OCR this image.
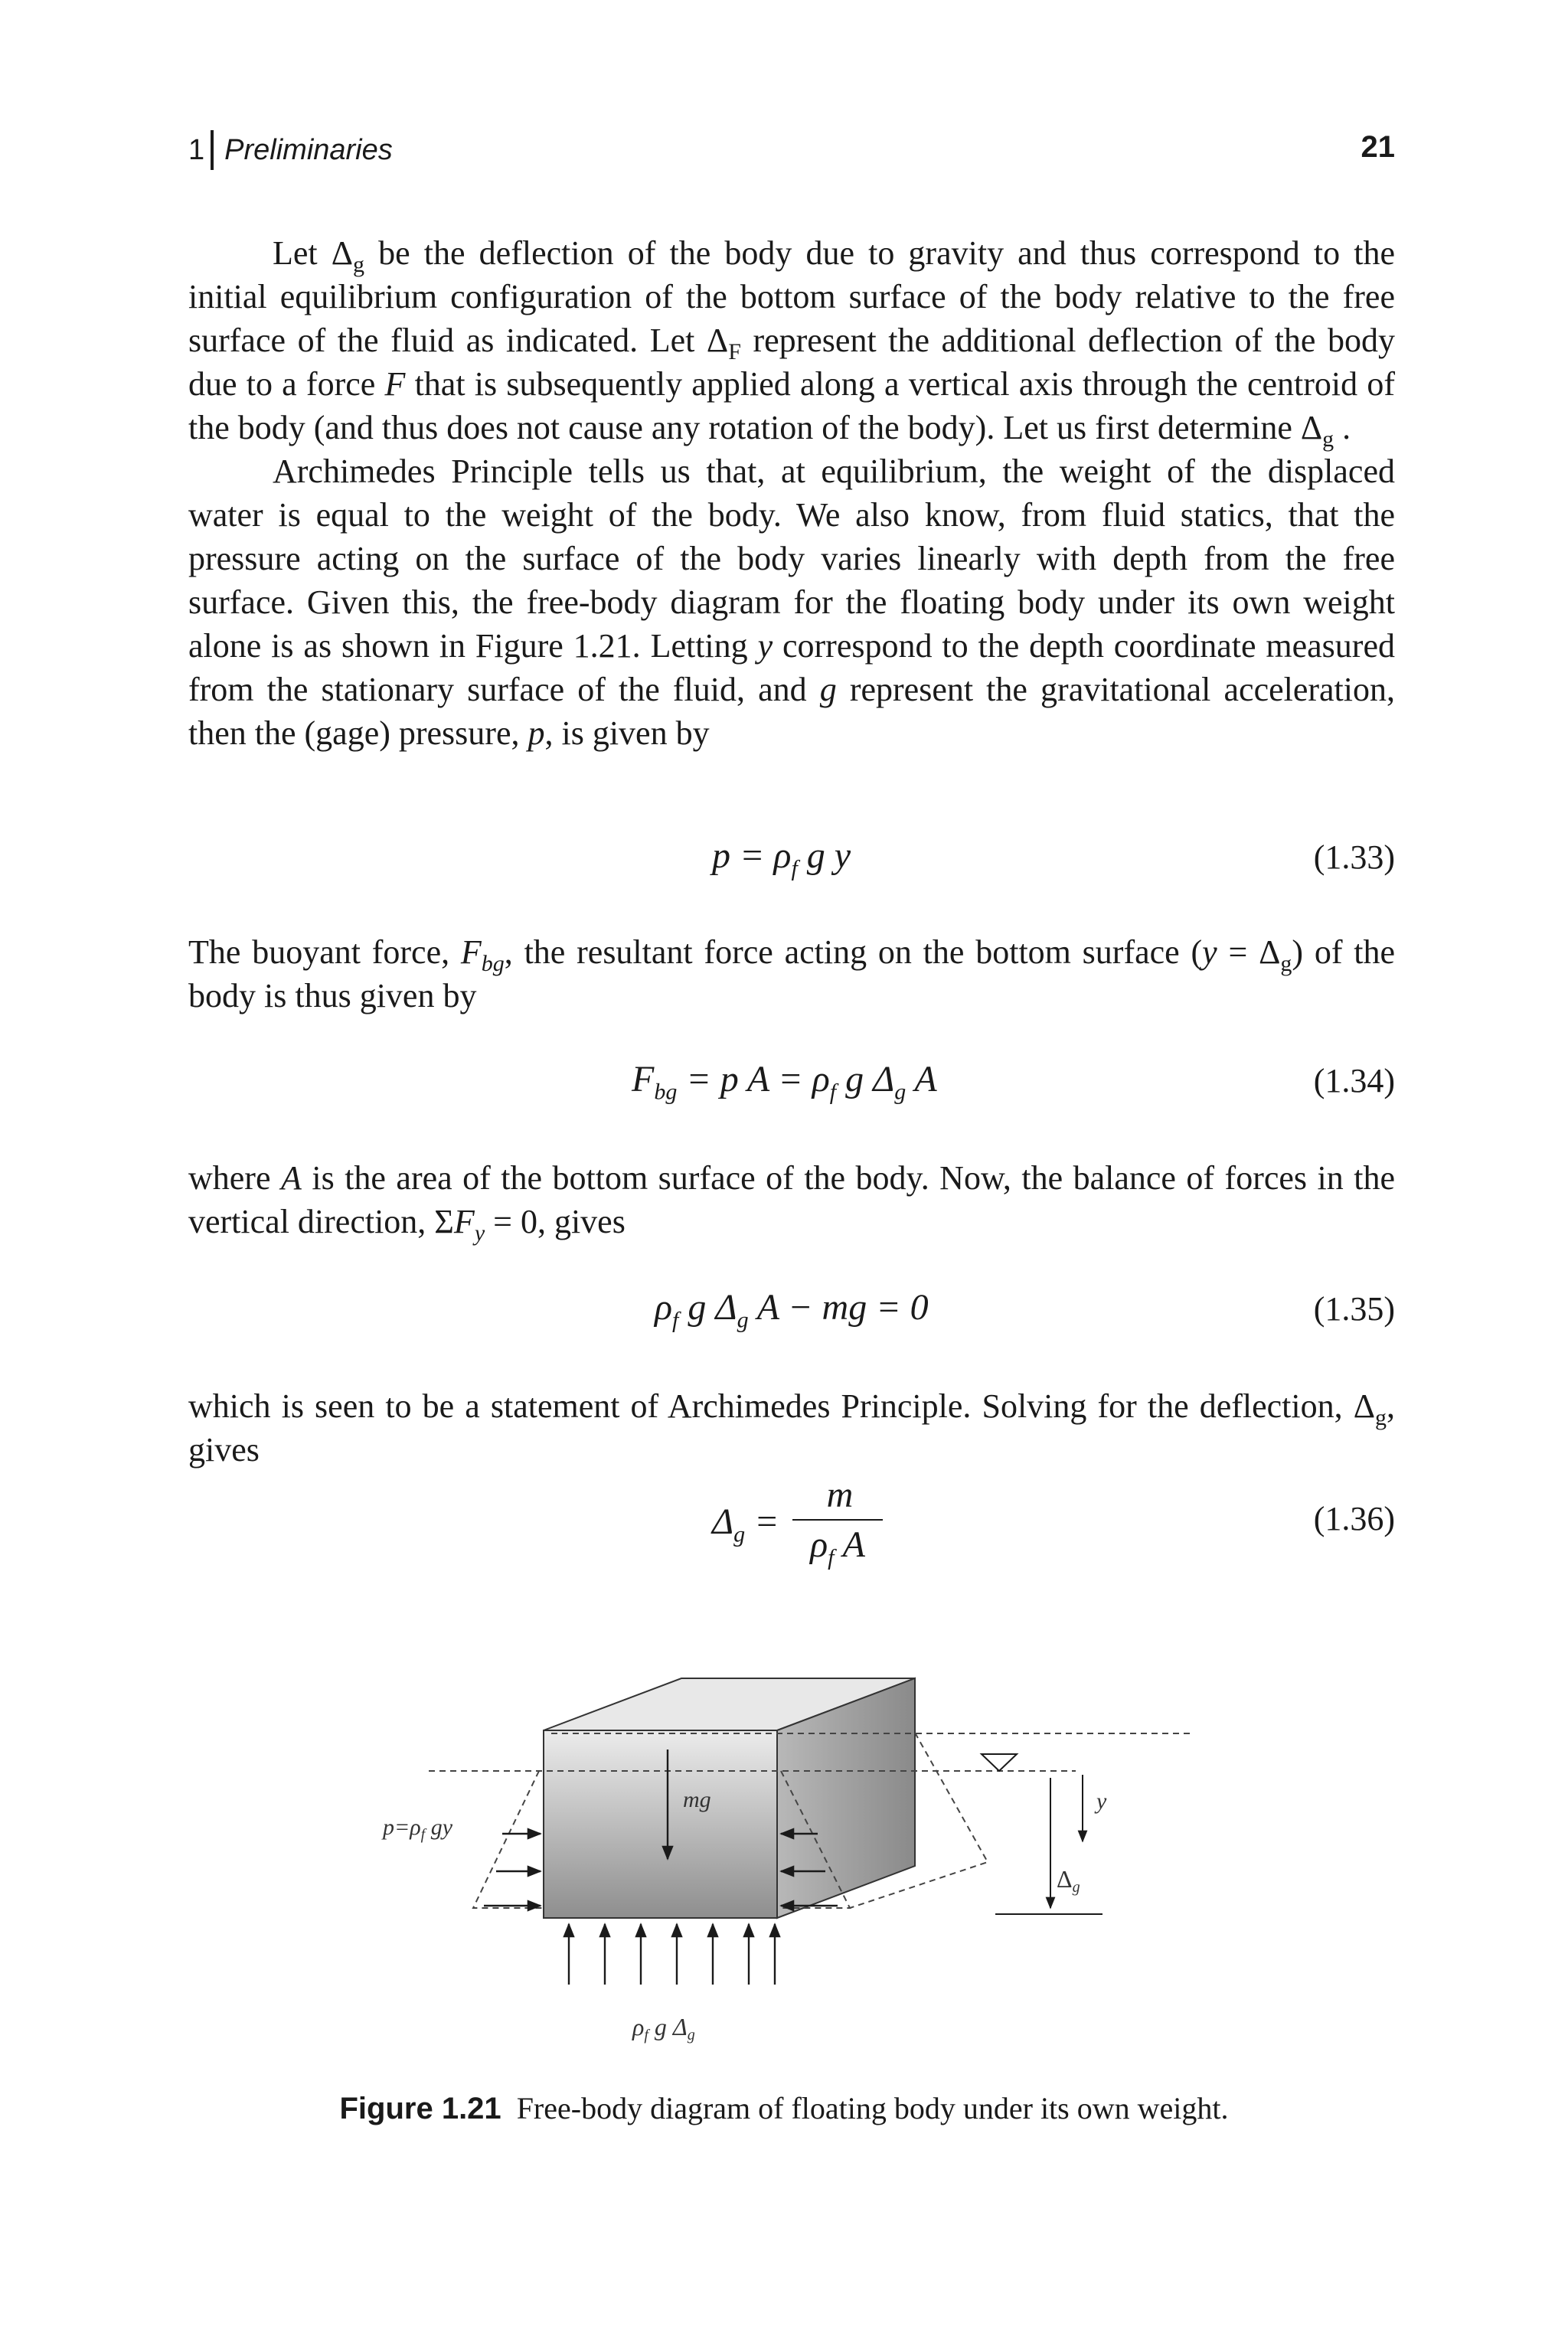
1 Preliminaries	21

Let $\Delta_g$ be the deflection of the body due to gravity and thus correspond to the initial equilibrium configuration of the bottom surface of the body relative to the free surface of the fluid as indicated. Let $\Delta_F$ represent the additional deflection of the body due to a force F that is subsequently applied along a vertical axis through the centroid of the body (and thus does not cause any rotation of the body). Let us first determine $\Delta_g$ .

Archimedes Principle tells us that, at equilibrium, the weight of the displaced water is equal to the weight of the body. We also know, from fluid statics, that the pressure acting on the surface of the body varies linearly with depth from the free surface. Given this, the free-body diagram for the floating body under its own weight alone is as shown in Figure 1.21. Letting y correspond to the depth coordinate measured from the stationary surface of the fluid, and g represent the gravitational acceleration, then the (gage) pressure, p, is given by

$p = \rho_f$ g y	(1.33)

The buoyant force, $F_{bg}$, the resultant force acting on the bottom surface $(y = \Delta_g)$ of the body is thus given by

$F_{bg} = p$ $A = \rho_f$ g $\Delta_g$ A	(1.34)

where A is the area of the bottom surface of the body. Now, the balance of forces in the vertical direction, $\Sigma F_y = 0$, gives

$\rho_f$ g $\Delta_g$ A − mg = 0	(1.35)

which is seen to be a statement of Archimedes Principle. Solving for the deflection, $\Delta_g$, gives

$\Delta_g$ =
m
$\rho_f$ A
(1.36)
$p=\rho_f$ gy
mg	y
Δg
ρf g Δg
Figure 1.21 Free-body diagram of floating body under its own weight.
